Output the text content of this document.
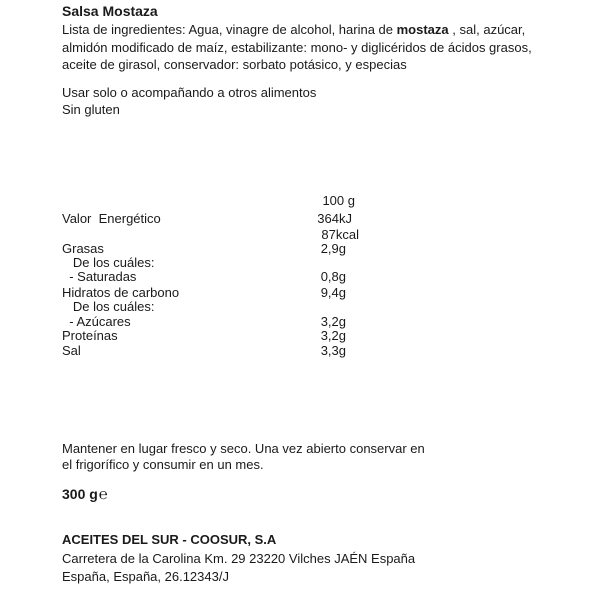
Salsa Mostaza
Lista de ingredientes: Agua, vinagre de alcohol, harina de mostaza , sal, azúcar,
almidón modificado de maíz, estabilizante: mono- y diglicéridos de ácidos grasos,
aceite de girasol, conservador: sorbato potásico, y especias
Usar solo o acompañando a otros alimentos
Sin gluten
100 g
Valor  Energético	364kJ
87kcal
Grasas	2,9g
De los cuáles:
- Saturadas	0,8g
Hidratos de carbono	9,4g
De los cuáles:
- Azúcares	3,2g
Proteínas	3,2g
Sal	3,3g
Mantener en lugar fresco y seco. Una vez abierto conservar en
el frigorífico y consumir en un mes.
300 g℮
ACEITES DEL SUR - COOSUR, S.A
Carretera de la Carolina Km. 29 23220 Vilches JAÉN España
España, España, 26.12343/J
